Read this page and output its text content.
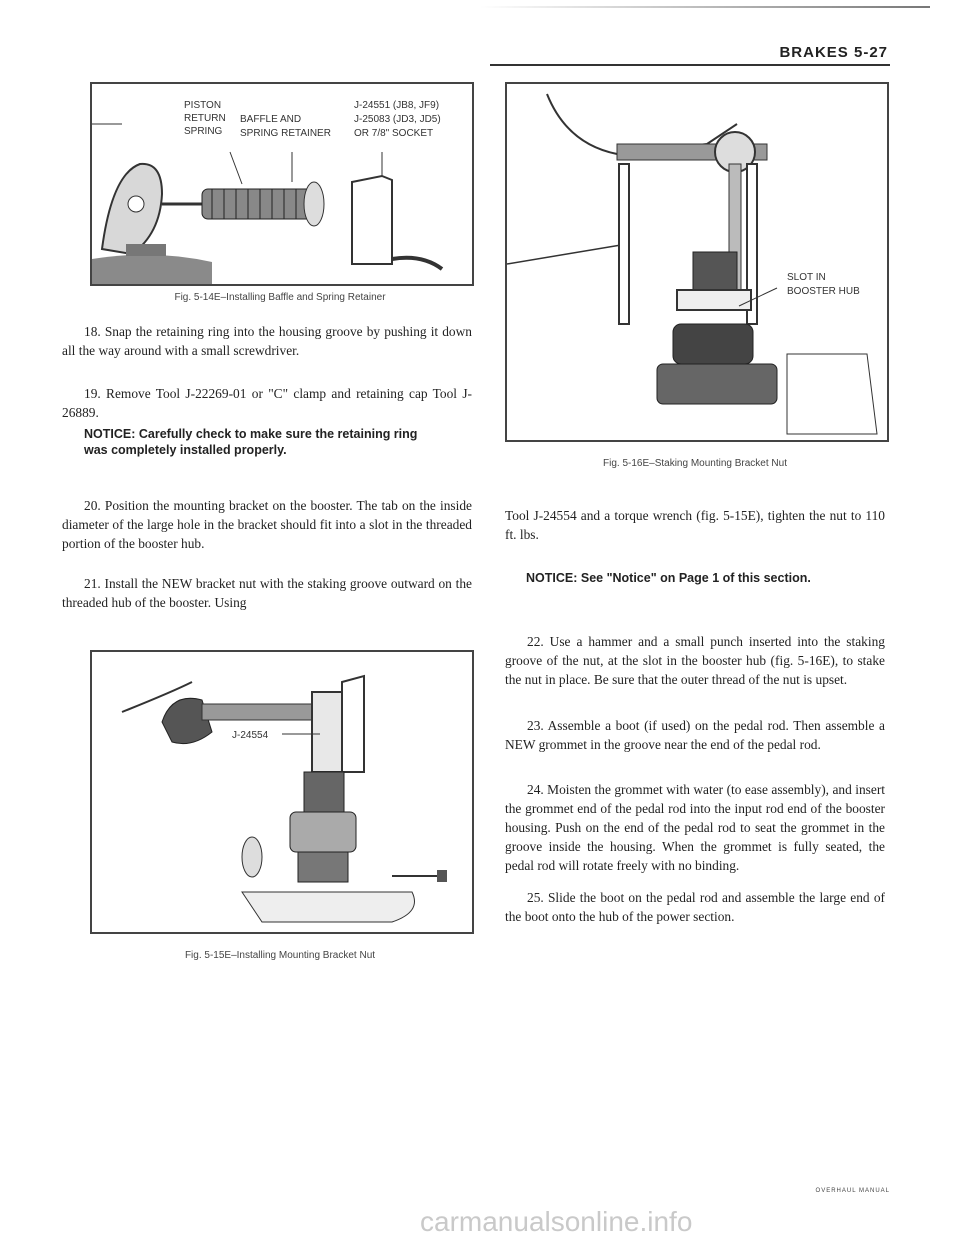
BRAKES 5-27
PISTON
RETURN
SPRING
BAFFLE AND
SPRING RETAINER
J-24551 (JB8, JF9)
J-25083 (JD3, JD5)
OR 7/8" SOCKET
Fig. 5-14E–Installing Baffle and Spring Retainer

18. Snap the retaining ring into the housing groove by pushing it down all the way around with a small screwdriver.

19. Remove Tool J-22269-01 or "C" clamp and retaining cap Tool J-26889.

NOTICE: Carefully check to make sure the retaining ring was completely installed properly.

20. Position the mounting bracket on the booster. The tab on the inside diameter of the large hole in the bracket should fit into a slot in the threaded portion of the booster hub.

21. Install the NEW bracket nut with the staking groove outward on the threaded hub of the booster. Using

J-24554
Fig. 5-15E–Installing Mounting Bracket Nut
SLOT IN
BOOSTER HUB
Fig. 5-16E–Staking Mounting Bracket Nut

Tool J-24554 and a torque wrench (fig. 5-15E), tighten the nut to 110 ft. lbs.

NOTICE: See "Notice" on Page 1 of this section.

22. Use a hammer and a small punch inserted into the staking groove of the nut, at the slot in the booster hub (fig. 5-16E), to stake the nut in place. Be sure that the outer thread of the nut is upset.

23. Assemble a boot (if used) on the pedal rod. Then assemble a NEW grommet in the groove near the end of the pedal rod.

24. Moisten the grommet with water (to ease assembly), and insert the grommet end of the pedal rod into the input rod end of the booster housing. Push on the end of the pedal rod to seat the grommet in the groove inside the housing. When the grommet is fully seated, the pedal rod will rotate freely with no binding.

25. Slide the boot on the pedal rod and assemble the large end of the boot onto the hub of the power section.

OVERHAUL MANUAL
carmanualsonline.info
